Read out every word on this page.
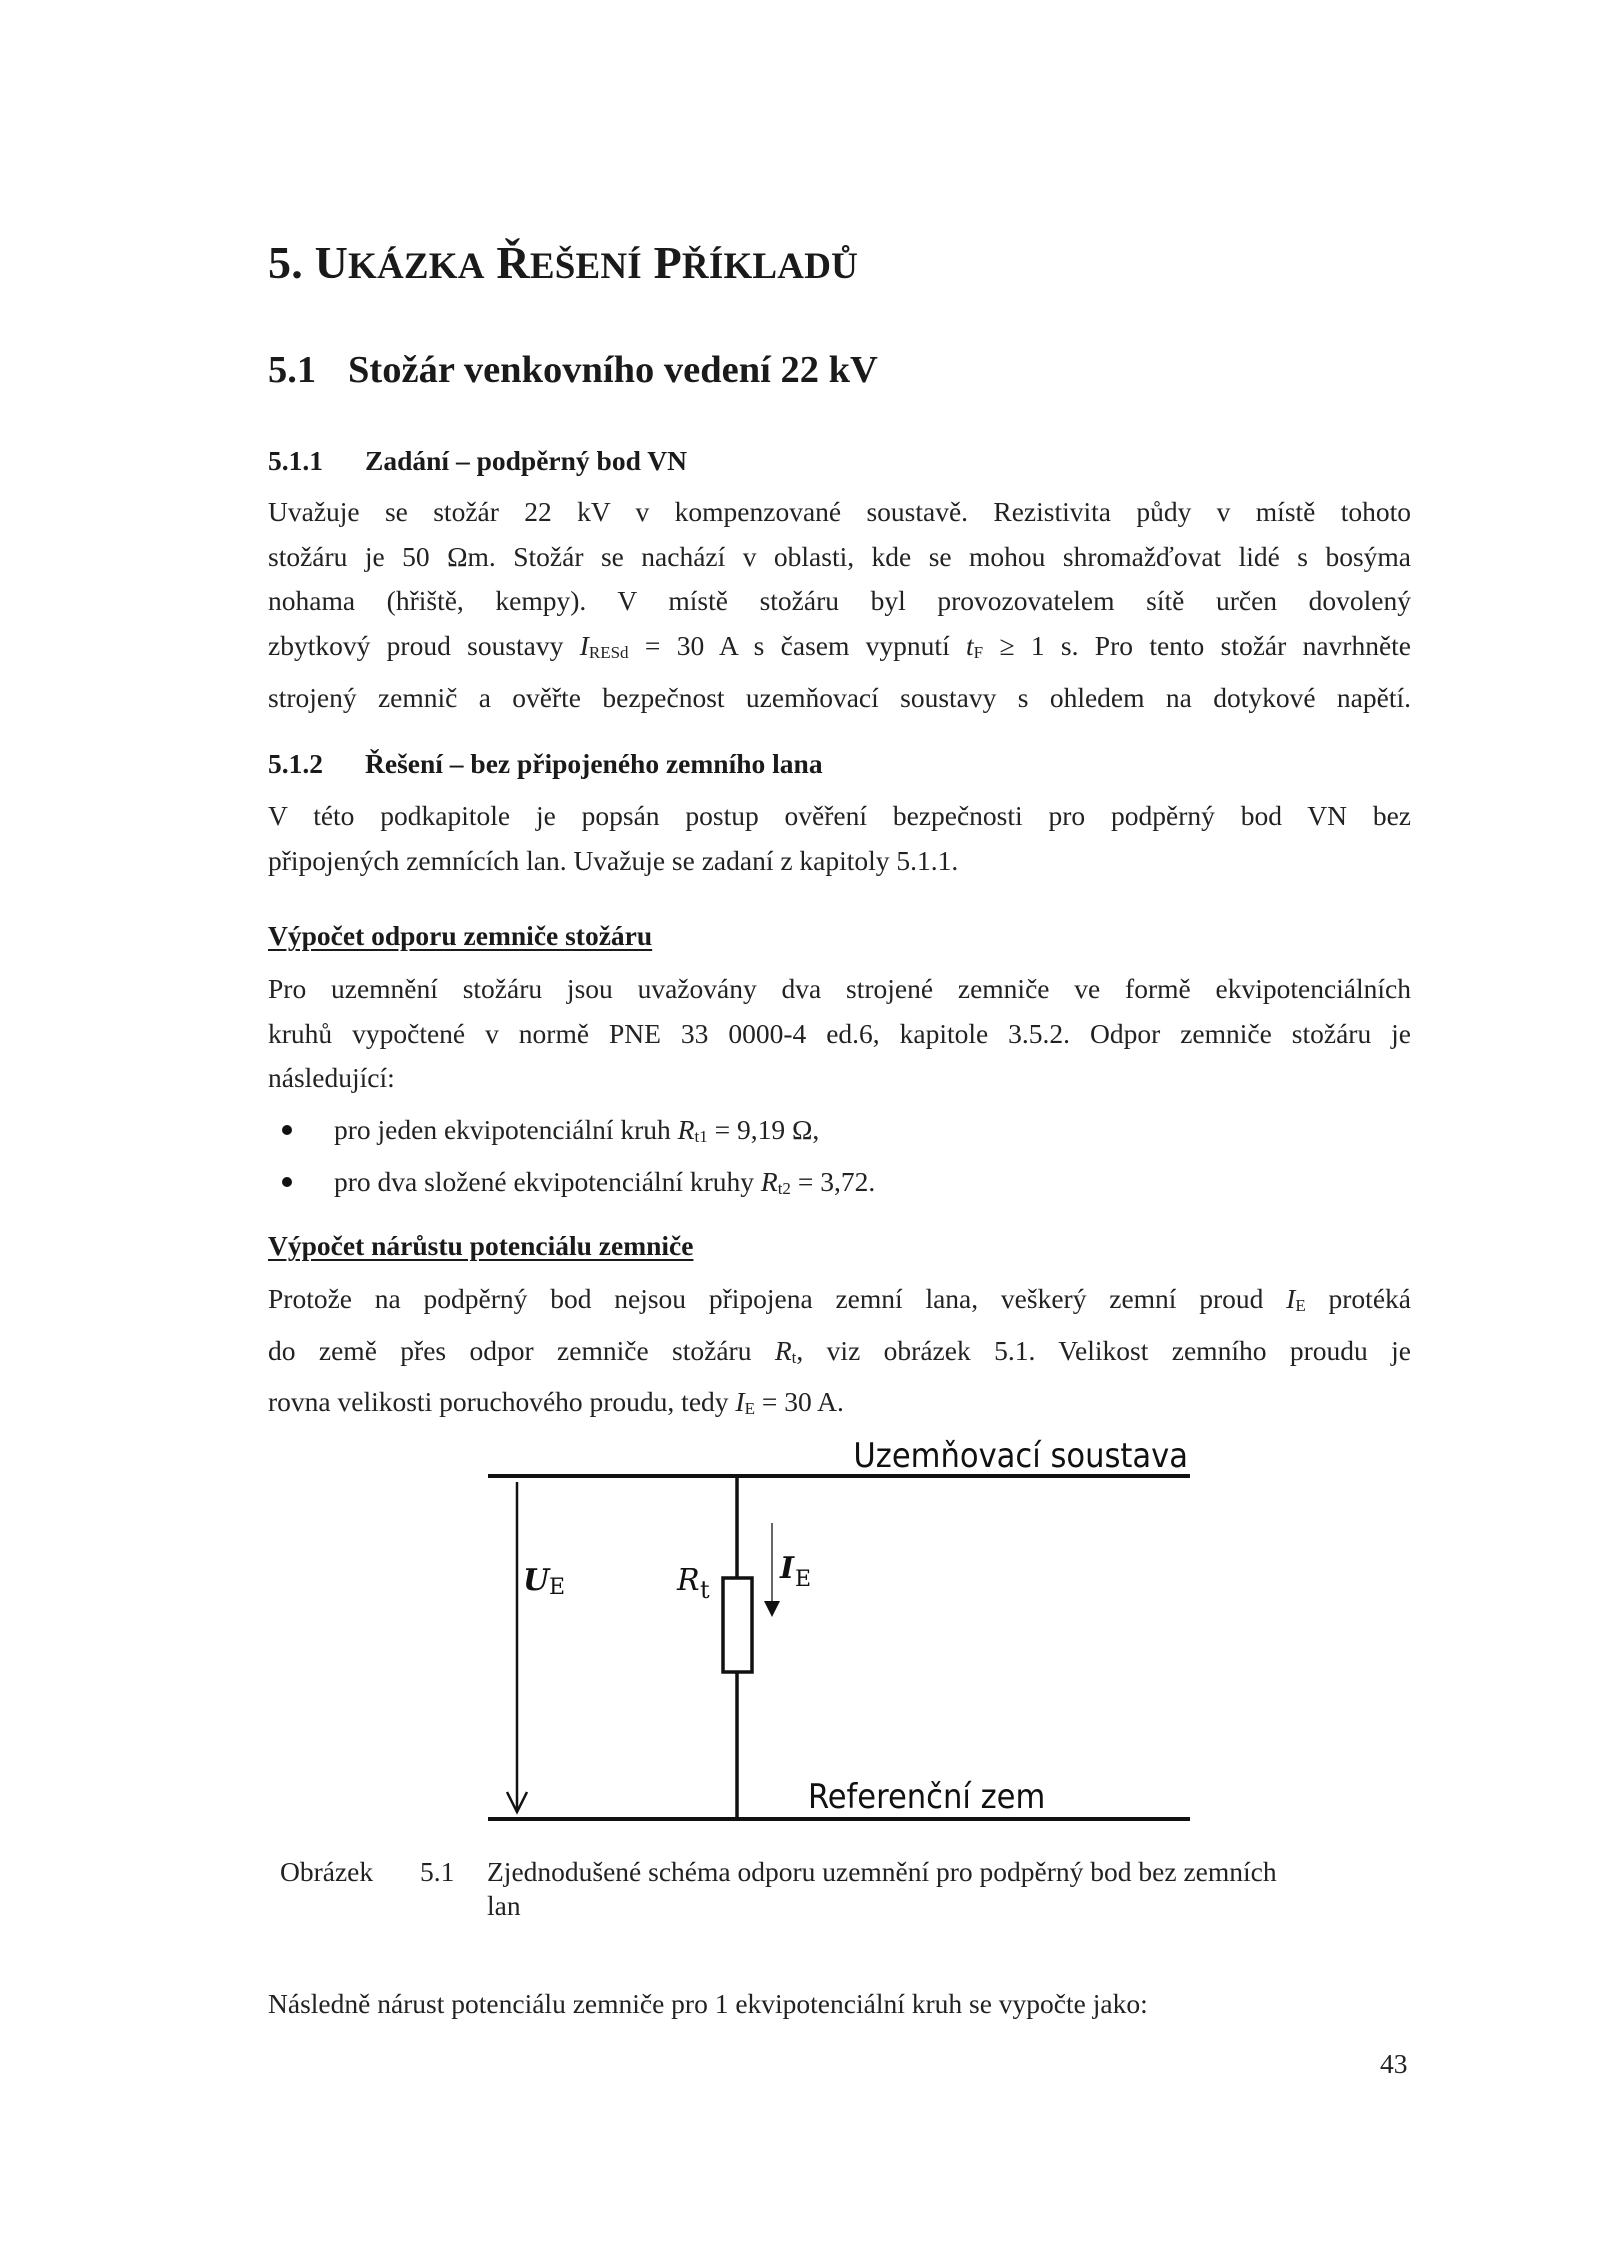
5. UKÁZKA ŘEŠENÍ PŘÍKLADŮ
5.1 Stožár venkovního vedení 22 kV
5.1.1 Zadání – podpěrný bod VN
Uvažuje se stožár 22 kV v kompenzované soustavě. Rezistivita půdy v místě tohoto
stožáru je 50 Ωm. Stožár se nachází v oblasti, kde se mohou shromažďovat lidé s bosýma
nohama (hřiště, kempy). V místě stožáru byl provozovatelem sítě určen dovolený
zbytkový proud soustavy $I_{RESd} = 30$ A s časem vypnutí $t_F \ge 1$ s. Pro tento stožár navrhněte
strojený zemnič a ověřte bezpečnost uzemňovací soustavy s ohledem na dotykové napětí.
5.1.2 Řešení – bez připojeného zemního lana
V této podkapitole je popsán postup ověření bezpečnosti pro podpěrný bod VN bez
připojených zemnících lan. Uvažuje se zadaní z kapitoly 5.1.1.
Výpočet odporu zemniče stožáru
Pro uzemnění stožáru jsou uvažovány dva strojené zemniče ve formě ekvipotenciálních
kruhů vypočtené v normě PNE 33 0000-4 ed.6, kapitole 3.5.2. Odpor zemniče stožáru je
následující:
pro jeden ekvipotenciální kruh $R_{t1} = 9,19$ Ω,
pro dva složené ekvipotenciální kruhy $R_{t2} = 3,72$.
Výpočet nárůstu potenciálu zemniče
Protože na podpěrný bod nejsou připojena zemní lana, veškerý zemní proud $I_E$ protéká
do země přes odpor zemniče stožáru $R_t$, viz obrázek 5.1. Velikost zemního proudu je
rovna velikosti poruchového proudu, tedy $I_E = 30$ A.
Uzemňovací soustava
Referenční zem
U E	R t
I E
Obrázek 5.1 Zjednodušené schéma odporu uzemnění pro podpěrný bod bez zemních lan
Následně nárust potenciálu zemniče pro 1 ekvipotenciální kruh se vypočte jako:
43
